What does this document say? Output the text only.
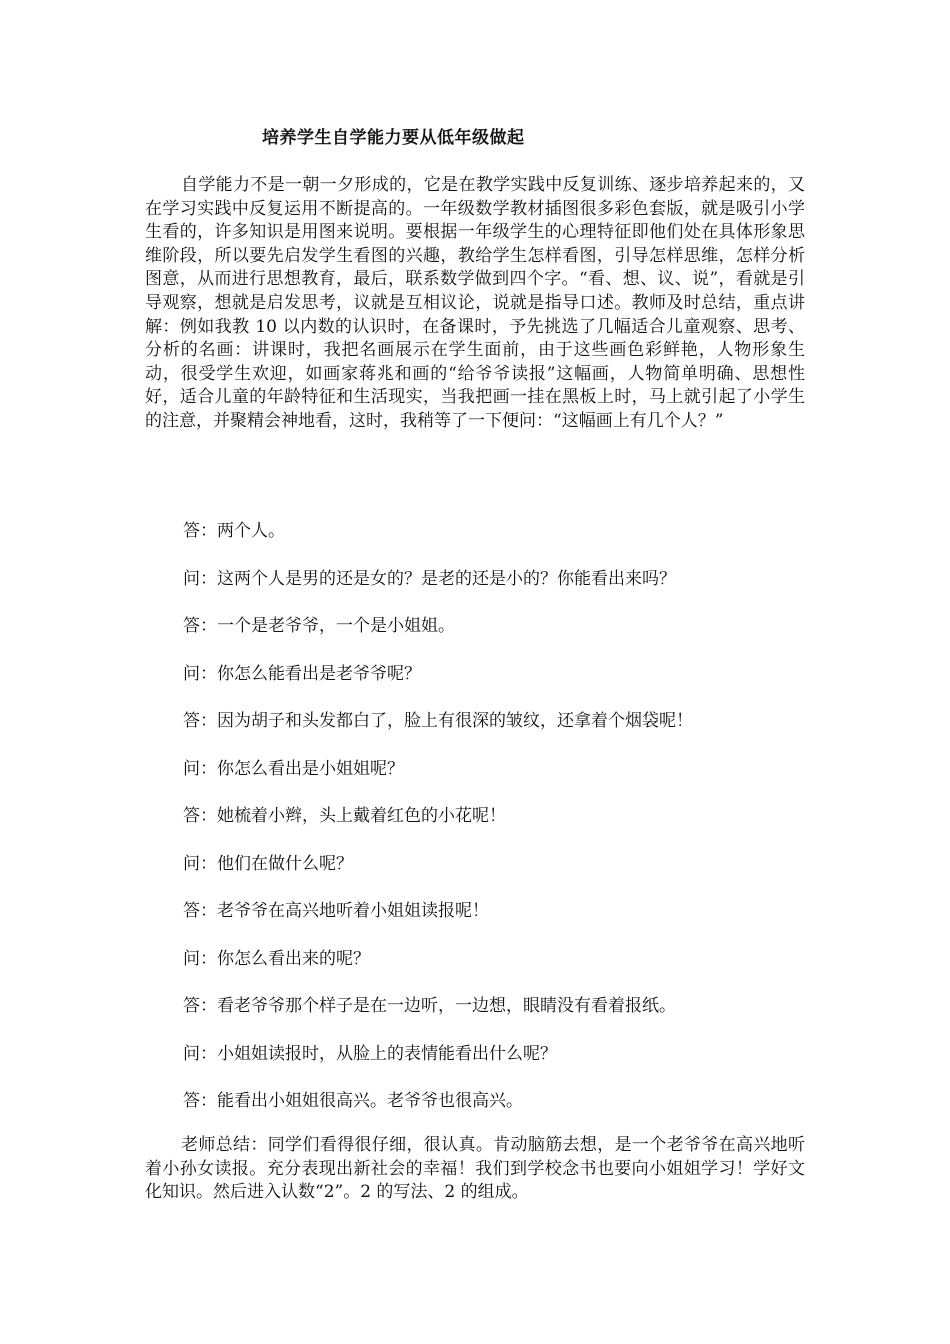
培养学生自学能力要从低年级做起

自学能力不是一朝一夕形成的，它是在教学实践中反复训练、逐步培养起来的，又在学习实践中反复运用不断提高的。一年级数学教材插图很多彩色套版，就是吸引小学生看的，许多知识是用图来说明。要根据一年级学生的心理特征即他们处在具体形象思维阶段，所以要先启发学生看图的兴趣，教给学生怎样看图，引导怎样思维，怎样分析图意，从而进行思想教育，最后，联系数学做到四个字。“看、想、议、说”，看就是引导观察，想就是启发思考，议就是互相议论，说就是指导口述。教师及时总结，重点讲解：例如我教 10 以内数的认识时，在备课时，予先挑选了几幅适合儿童观察、思考、分析的名画：讲课时，我把名画展示在学生面前，由于这些画色彩鲜艳，人物形象生动，很受学生欢迎，如画家蒋兆和画的“给爷爷读报”这幅画，人物简单明确、思想性好，适合儿童的年龄特征和生活现实，当我把画一挂在黑板上时，马上就引起了小学生的注意，并聚精会神地看，这时，我稍等了一下便问：“这幅画上有几个人？”

答：两个人。
问：这两个人是男的还是女的？是老的还是小的？你能看出来吗？
答：一个是老爷爷，一个是小姐姐。
问：你怎么能看出是老爷爷呢？
答：因为胡子和头发都白了，脸上有很深的皱纹，还拿着个烟袋呢！
问：你怎么看出是小姐姐呢？
答：她梳着小辫，头上戴着红色的小花呢！
问：他们在做什么呢？
答：老爷爷在高兴地听着小姐姐读报呢！
问：你怎么看出来的呢？
答：看老爷爷那个样子是在一边听，一边想，眼睛没有看着报纸。
问：小姐姐读报时，从脸上的表情能看出什么呢？
答：能看出小姐姐很高兴。老爷爷也很高兴。

老师总结：同学们看得很仔细，很认真。肯动脑筋去想，是一个老爷爷在高兴地听着小孙女读报。充分表现出新社会的幸福！我们到学校念书也要向小姐姐学习！学好文化知识。然后进入认数“2”。2 的写法、2 的组成。
